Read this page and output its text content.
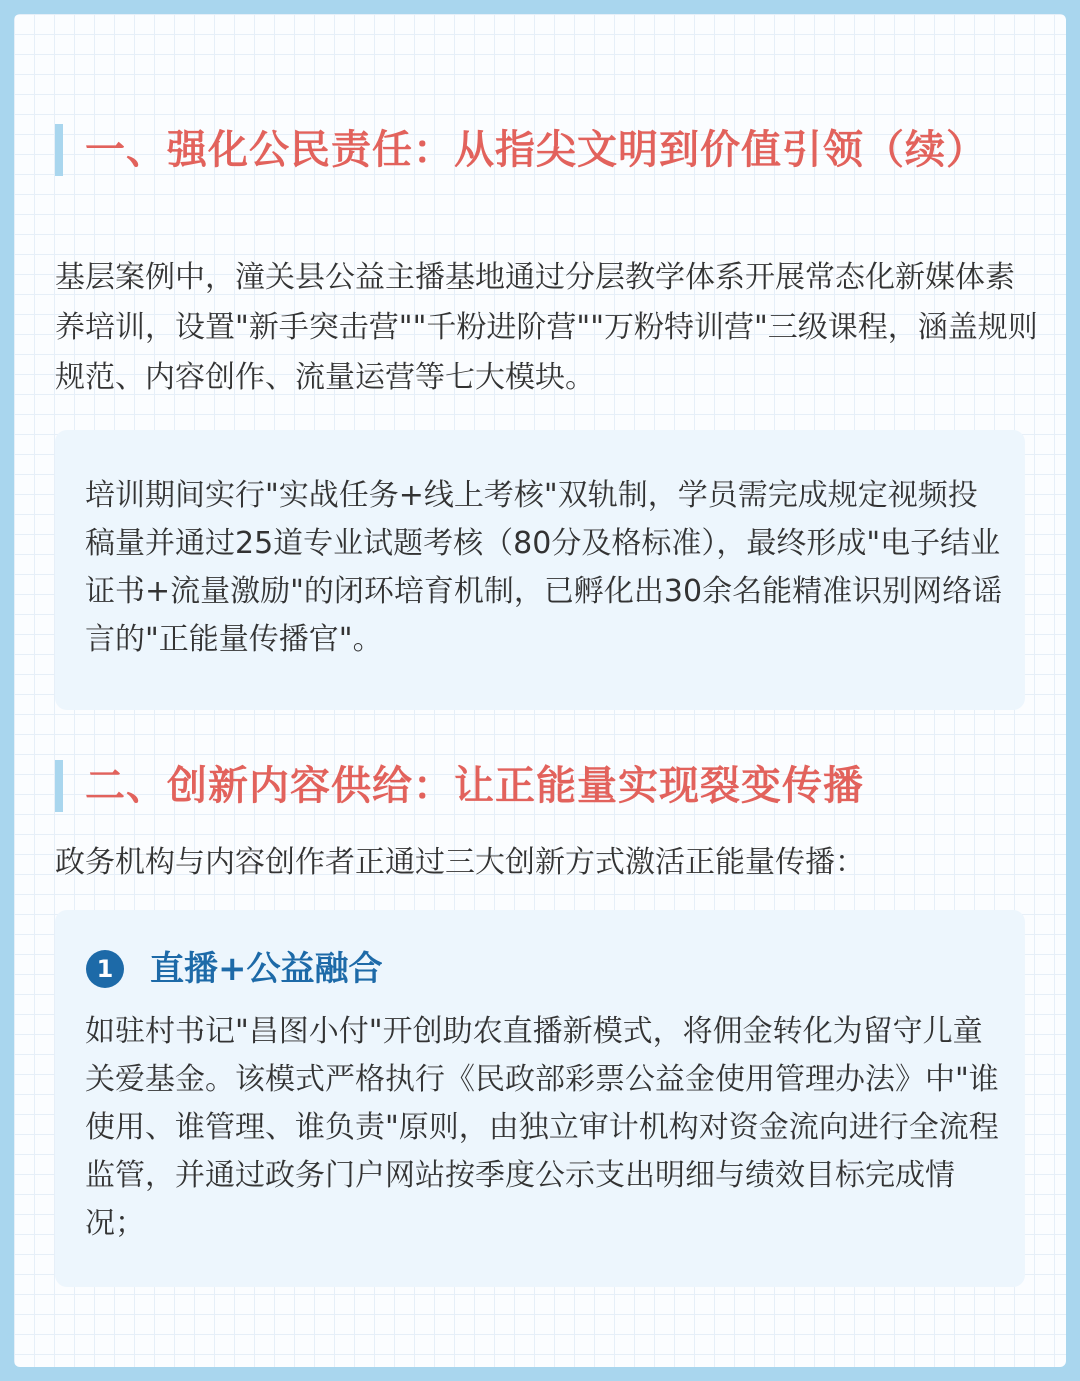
一、强化公民责任：从指尖文明到价值引领（续）
基层案例中，潼关县公益主播基地通过分层教学体系开展常态化新媒体素养培训，设置"新手突击营""千粉进阶营""万粉特训营"三级课程，涵盖规则规范、内容创作、流量运营等七大模块。
培训期间实行"实战任务+线上考核"双轨制，学员需完成规定视频投稿量并通过25道专业试题考核（80分及格标准），最终形成"电子结业证书+流量激励"的闭环培育机制，已孵化出30余名能精准识别网络谣言的"正能量传播官"。
二、创新内容供给：让正能量实现裂变传播
政务机构与内容创作者正通过三大创新方式激活正能量传播：
1	直播+公益融合
如驻村书记"昌图小付"开创助农直播新模式，将佣金转化为留守儿童关爱基金。该模式严格执行《民政部彩票公益金使用管理办法》中"谁使用、谁管理、谁负责"原则，由独立审计机构对资金流向进行全流程监管，并通过政务门户网站按季度公示支出明细与绩效目标完成情况；
